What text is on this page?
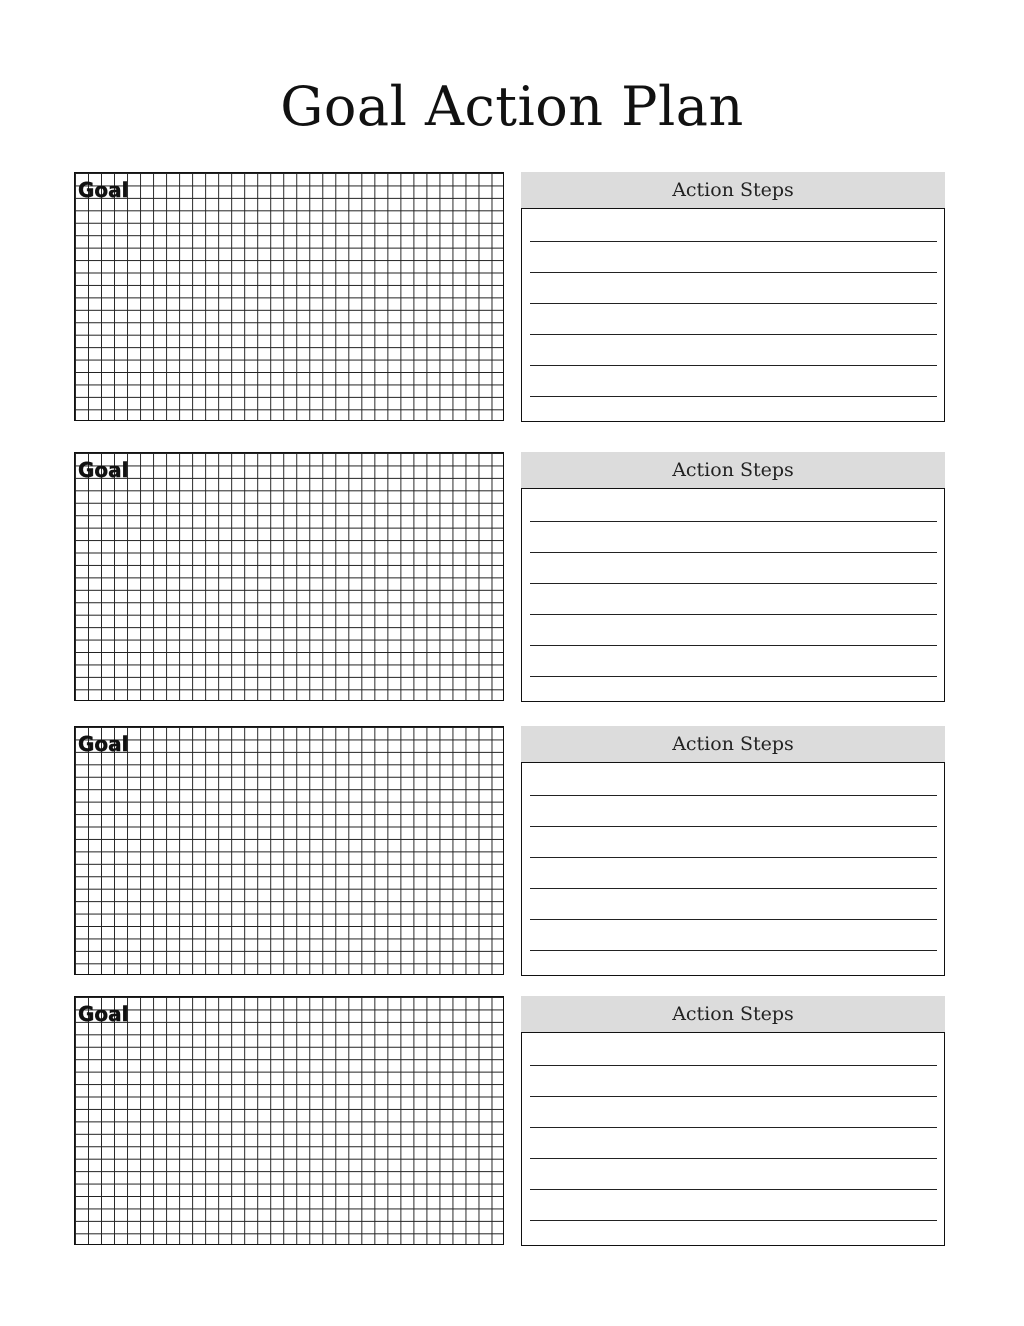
Goal Action Plan
Goal	Action Steps
Goal	Action Steps
Goal	Action Steps
Goal	Action Steps
